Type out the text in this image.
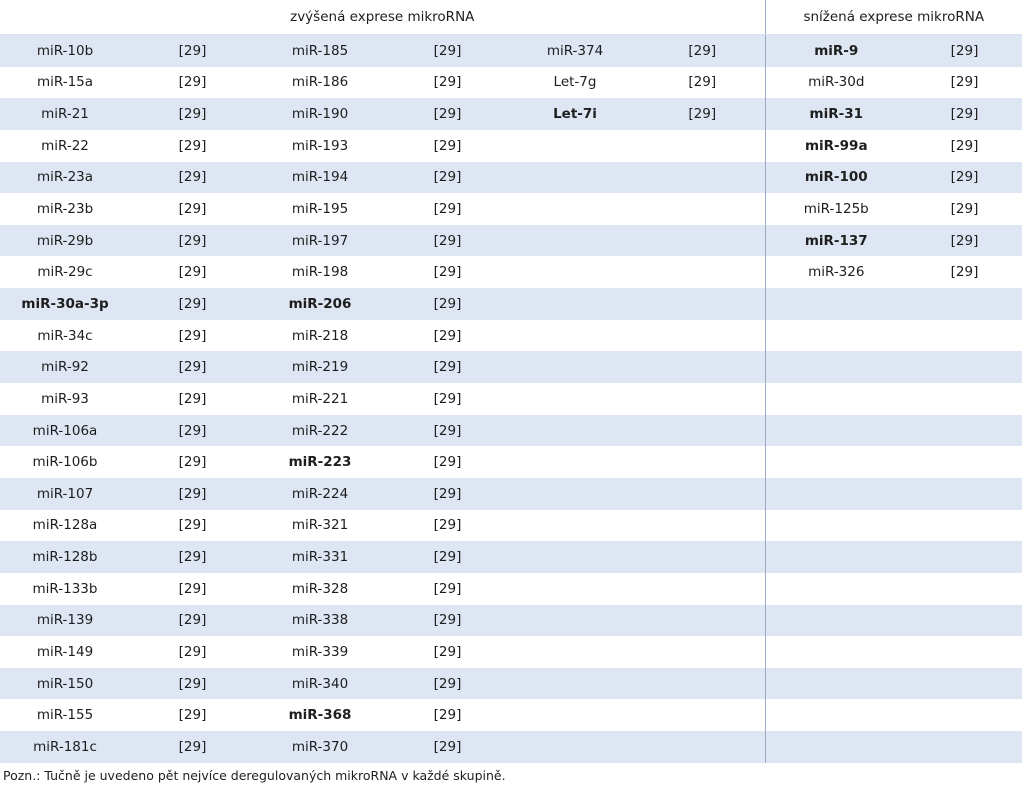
zvýšená exprese mikroRNA						snížená exprese mikroRNA	
miR-10b	[29]	miR-185	[29]	miR-374	[29]	miR-9	[29]
miR-15a	[29]	miR-186	[29]	Let-7g	[29]	miR-30d	[29]
miR-21	[29]	miR-190	[29]	Let-7i	[29]	miR-31	[29]
miR-22	[29]	miR-193	[29]			miR-99a	[29]
miR-23a	[29]	miR-194	[29]			miR-100	[29]
miR-23b	[29]	miR-195	[29]			miR-125b	[29]
miR-29b	[29]	miR-197	[29]			miR-137	[29]
miR-29c	[29]	miR-198	[29]			miR-326	[29]
miR-30a-3p	[29]	miR-206	[29]				
miR-34c	[29]	miR-218	[29]				
miR-92	[29]	miR-219	[29]				
miR-93	[29]	miR-221	[29]				
miR-106a	[29]	miR-222	[29]				
miR-106b	[29]	miR-223	[29]				
miR-107	[29]	miR-224	[29]				
miR-128a	[29]	miR-321	[29]				
miR-128b	[29]	miR-331	[29]				
miR-133b	[29]	miR-328	[29]				
miR-139	[29]	miR-338	[29]				
miR-149	[29]	miR-339	[29]				
miR-150	[29]	miR-340	[29]				
miR-155	[29]	miR-368	[29]				
miR-181c	[29]	miR-370	[29]				
Pozn.: Tučně je uvedeno pět nejvíce deregulovaných mikroRNA v každé skupině.
